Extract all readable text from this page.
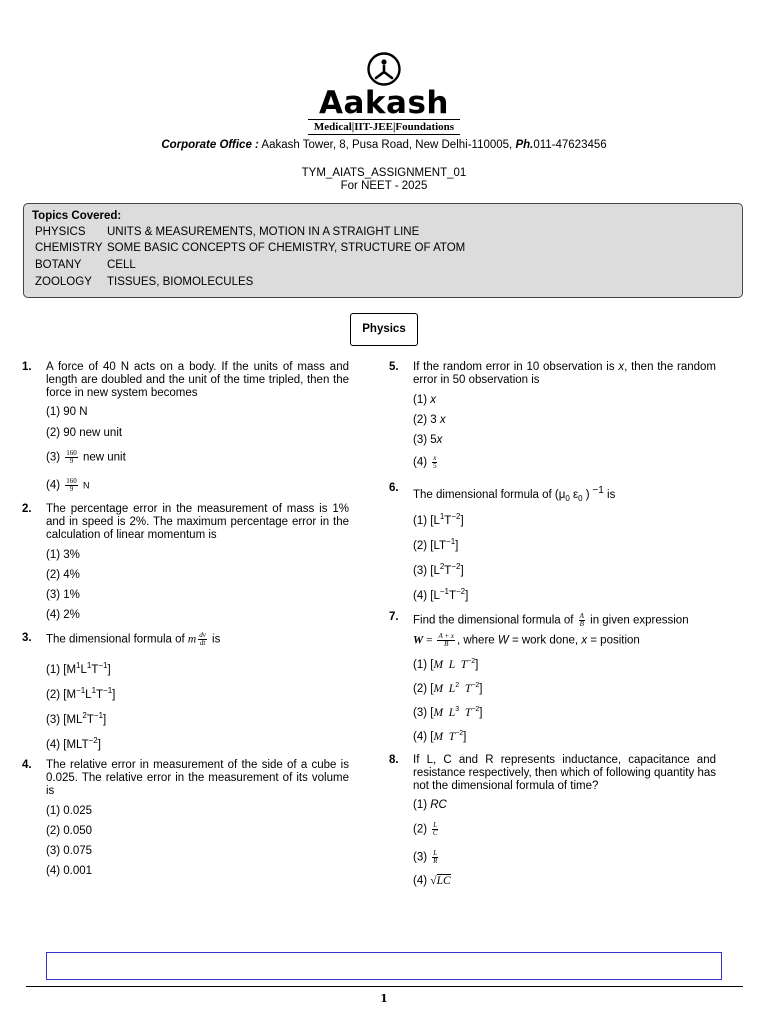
Aakash
Medical|IIT-JEE|Foundations
Corporate Office : Aakash Tower, 8, Pusa Road, New Delhi-110005, Ph.011-47623456
TYM_AIATS_ASSIGNMENT_01
For NEET - 2025
Topics Covered:
PHYSICS UNITS & MEASUREMENTS, MOTION IN A STRAIGHT LINE
CHEMISTRY SOME BASIC CONCEPTS OF CHEMISTRY, STRUCTURE OF ATOM
BOTANY CELL
ZOOLOGY TISSUES, BIOMOLECULES
Physics
1. A force of 40 N acts on a body. If the units of mass and length are doubled and the unit of the time tripled, then the force in new system becomes
(1) 90 N
(2) 90 new unit
$(3) \frac{160}{9}$ new unit
$(4) \frac{160}{9}$ N
2. The percentage error in the measurement of mass is 1% and in speed is 2%. The maximum percentage error in the calculation of linear momentum is
(1) 3%
(2) 4%
(3) 1%
(4) 2%
3. The dimensional formula of m $\frac{dv}{dt}$ is
(1) $[M^1L^1T^{-1}]$
(2) $[M^{-1}L^1T^{-1}]$
(3) $[ML^2T^{-1}]$
(4) $[MLT^{-2}]$
4. The relative error in measurement of the side of a cube is 0.025. The relative error in the measurement of its volume is
(1) 0.025
(2) 0.050
(3) 0.075
(4) 0.001
5. If the random error in 10 observation is x, then the random error in 50 observation is
(1) x
(2) 3 x
(3) 5x
$(4) \frac{x}{5}$
6.
The dimensional formula of ($\mu_0$ $\varepsilon_0$ ) $^{-1}$ is
(1) $[L^1T^{-2}]$
(2) $[LT^{-1}]$
(3) $[L^2T^{-2}]$
(4) $[L^{-1}T^{-2}]$
7. Find the dimensional formula of $\frac{A}{B}$ in given expression
$W = \frac{A + x}{B}$ , where W = work done, x = position
(1) [M  L  $T^{-2}$]
(2) [M  $L^2$  $T^{-2}$]
(3) [M  $L^3$  $T^{-2}$]
(4) [M  $T^{-2}$]
8. If L, C and R represents inductance, capacitance and resistance respectively, then which of following quantity has not the dimensional formula of time?
(1) RC
$(2) \frac{L}{C}$
$(3) \frac{L}{R}$
(4) √LC
1
